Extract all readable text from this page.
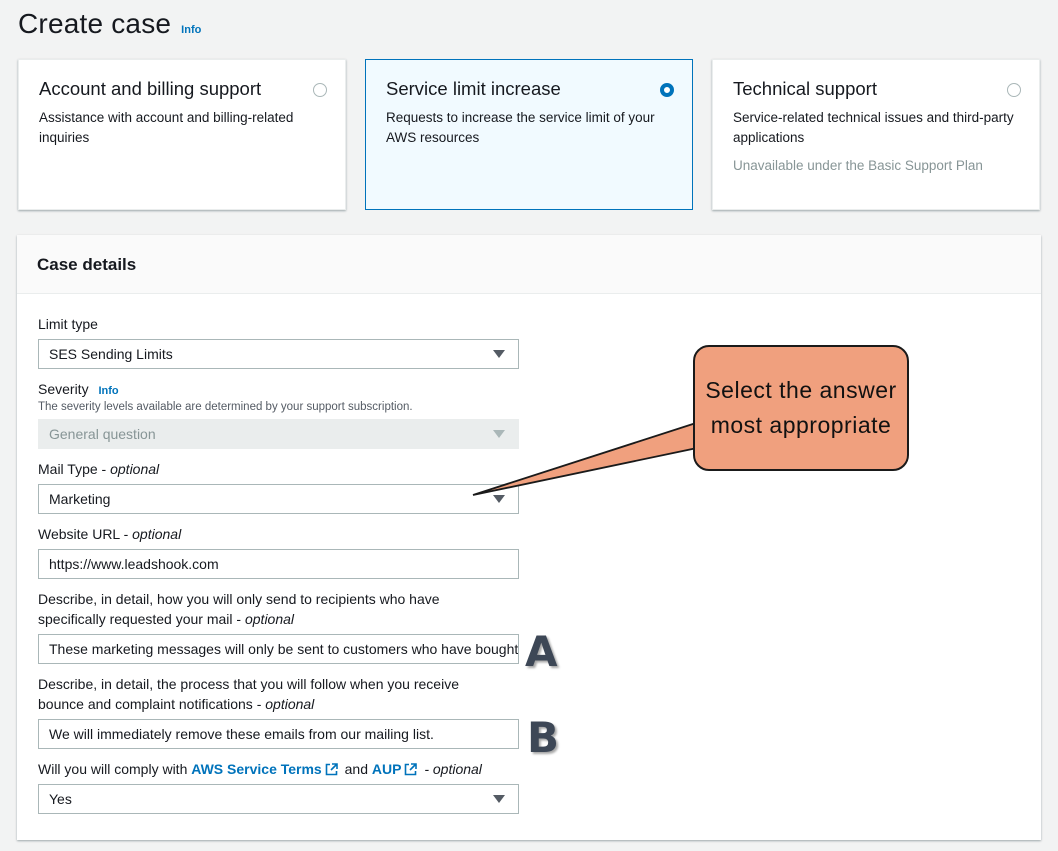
Create case Info
Account and billing support
Assistance with account and billing-related inquiries
Service limit increase
Requests to increase the service limit of your AWS resources
Technical support
Service-related technical issues and third-party applications
Unavailable under the Basic Support Plan
Case details
Limit type
SES Sending Limits
Severity Info
The severity levels available are determined by your support subscription.
General question
Mail Type - optional
Marketing
Website URL - optional
https://www.leadshook.com
Describe, in detail, how you will only send to recipients who have specifically requested your mail - optional
These marketing messages will only be sent to customers who have bought
Describe, in detail, the process that you will follow when you receive bounce and complaint notifications - optional
We will immediately remove these emails from our mailing list.
Will you will comply with AWS Service Terms and AUP - optional
Yes
Select the answer most appropriate
A
B
